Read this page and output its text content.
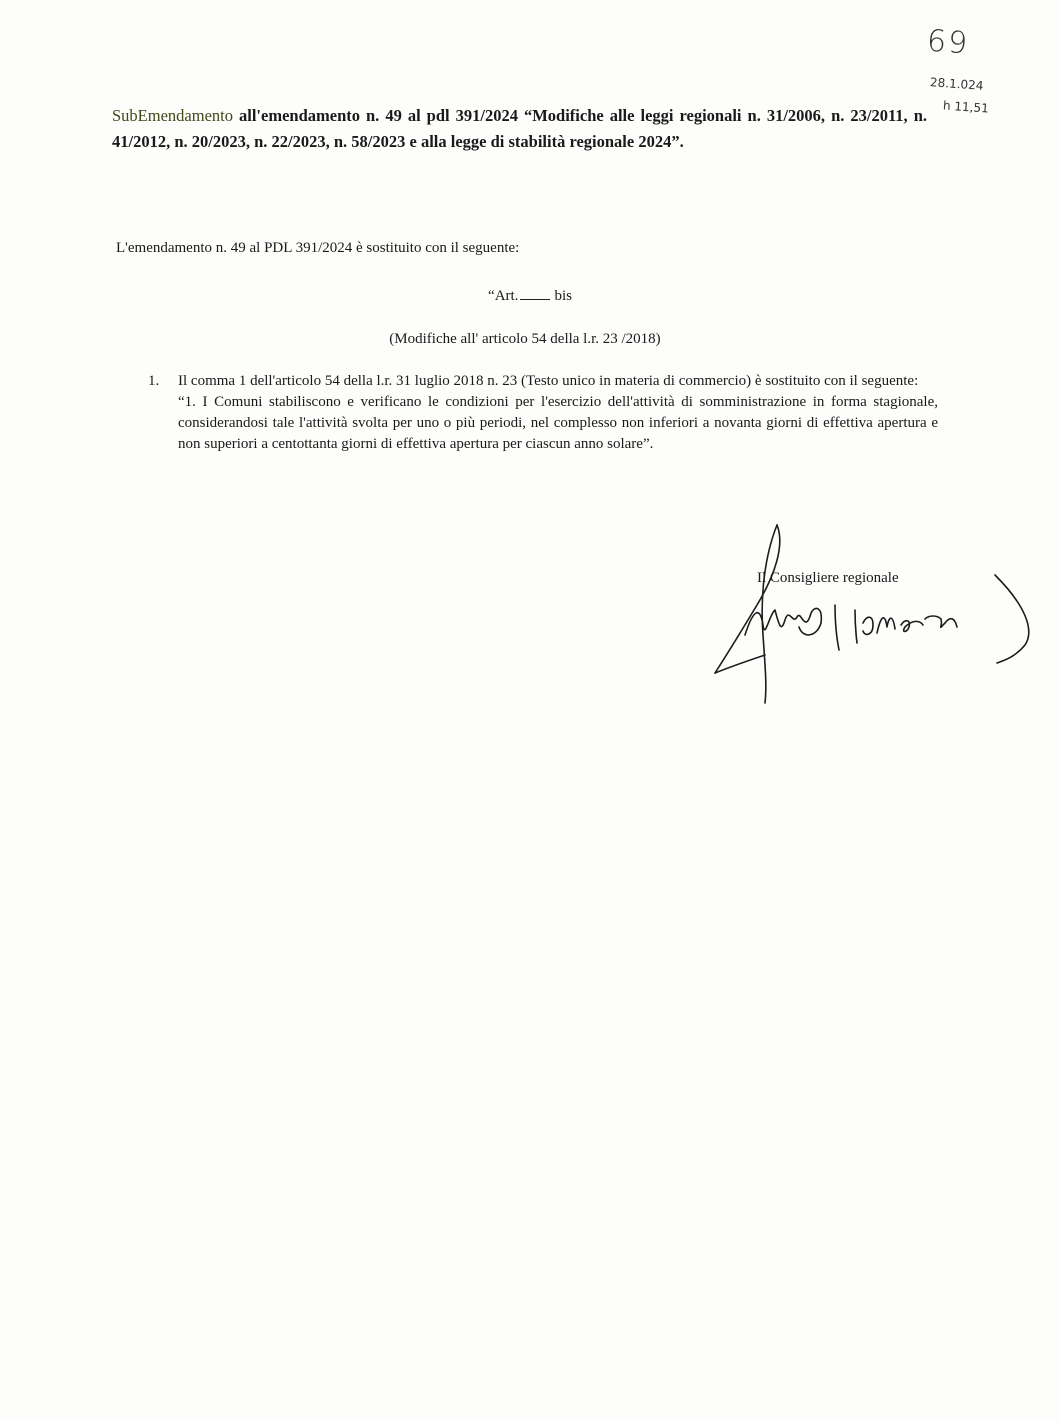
69
28.1.024
h 11,51
SubEmendamento all'emendamento n. 49 al pdl 391/2024 “Modifiche alle leggi regionali n. 31/2006, n. 23/2011, n. 41/2012, n. 20/2023, n. 22/2023, n. 58/2023 e alla legge di stabilità regionale 2024”.
L'emendamento n. 49 al PDL 391/2024 è sostituito con il seguente:
“Art. bis
(Modifiche all' articolo 54 della l.r. 23 /2018)
1.	Il comma 1 dell'articolo 54 della l.r. 31 luglio 2018 n. 23 (Testo unico in materia di commercio) è sostituito con il seguente:

“1. I Comuni stabiliscono e verificano le condizioni per l'esercizio dell'attività di somministrazione in forma stagionale, considerandosi tale l'attività svolta per uno o più periodi, nel complesso non inferiori a novanta giorni di effettiva apertura e non superiori a centottanta giorni di effettiva apertura per ciascun anno solare”.

Il Consigliere regionale
